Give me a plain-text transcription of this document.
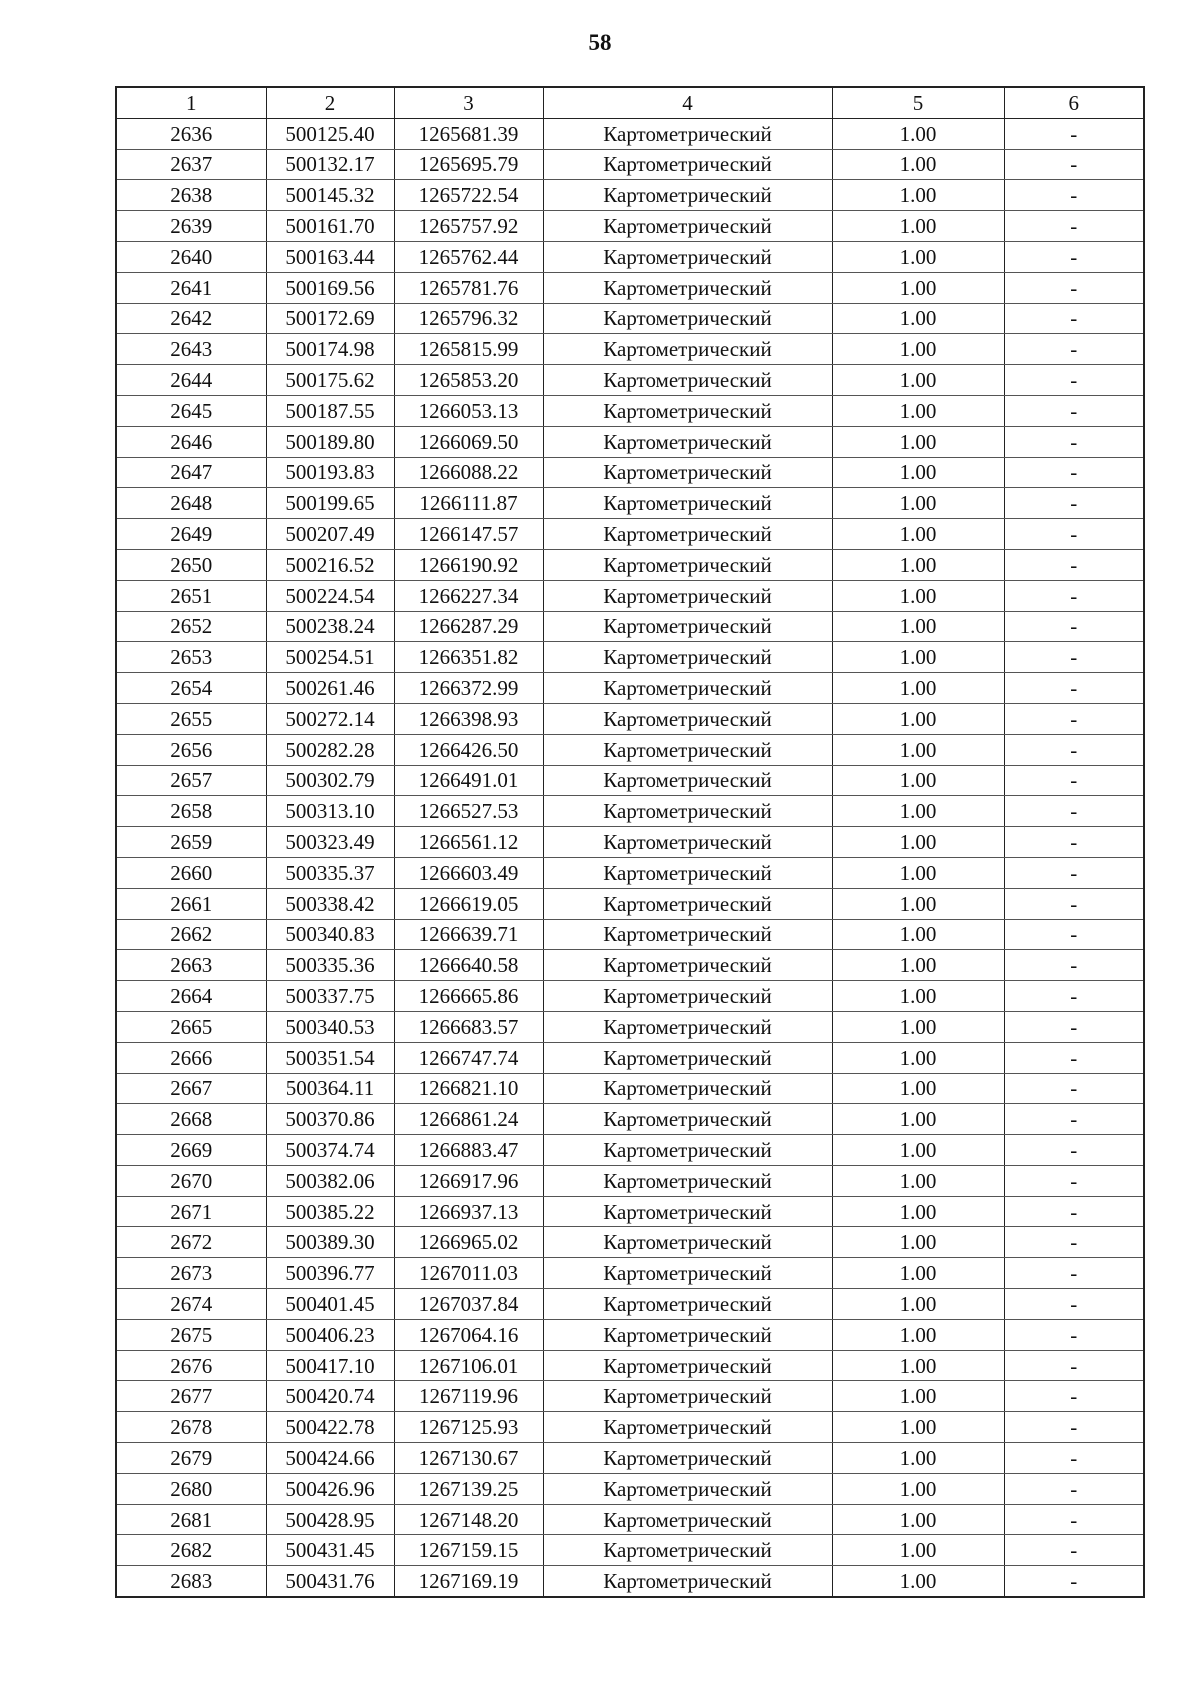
58
1	2	3	4	5	6
2636	500125.40	1265681.39	Картометрический	1.00	-
2637	500132.17	1265695.79	Картометрический	1.00	-
2638	500145.32	1265722.54	Картометрический	1.00	-
2639	500161.70	1265757.92	Картометрический	1.00	-
2640	500163.44	1265762.44	Картометрический	1.00	-
2641	500169.56	1265781.76	Картометрический	1.00	-
2642	500172.69	1265796.32	Картометрический	1.00	-
2643	500174.98	1265815.99	Картометрический	1.00	-
2644	500175.62	1265853.20	Картометрический	1.00	-
2645	500187.55	1266053.13	Картометрический	1.00	-
2646	500189.80	1266069.50	Картометрический	1.00	-
2647	500193.83	1266088.22	Картометрический	1.00	-
2648	500199.65	1266111.87	Картометрический	1.00	-
2649	500207.49	1266147.57	Картометрический	1.00	-
2650	500216.52	1266190.92	Картометрический	1.00	-
2651	500224.54	1266227.34	Картометрический	1.00	-
2652	500238.24	1266287.29	Картометрический	1.00	-
2653	500254.51	1266351.82	Картометрический	1.00	-
2654	500261.46	1266372.99	Картометрический	1.00	-
2655	500272.14	1266398.93	Картометрический	1.00	-
2656	500282.28	1266426.50	Картометрический	1.00	-
2657	500302.79	1266491.01	Картометрический	1.00	-
2658	500313.10	1266527.53	Картометрический	1.00	-
2659	500323.49	1266561.12	Картометрический	1.00	-
2660	500335.37	1266603.49	Картометрический	1.00	-
2661	500338.42	1266619.05	Картометрический	1.00	-
2662	500340.83	1266639.71	Картометрический	1.00	-
2663	500335.36	1266640.58	Картометрический	1.00	-
2664	500337.75	1266665.86	Картометрический	1.00	-
2665	500340.53	1266683.57	Картометрический	1.00	-
2666	500351.54	1266747.74	Картометрический	1.00	-
2667	500364.11	1266821.10	Картометрический	1.00	-
2668	500370.86	1266861.24	Картометрический	1.00	-
2669	500374.74	1266883.47	Картометрический	1.00	-
2670	500382.06	1266917.96	Картометрический	1.00	-
2671	500385.22	1266937.13	Картометрический	1.00	-
2672	500389.30	1266965.02	Картометрический	1.00	-
2673	500396.77	1267011.03	Картометрический	1.00	-
2674	500401.45	1267037.84	Картометрический	1.00	-
2675	500406.23	1267064.16	Картометрический	1.00	-
2676	500417.10	1267106.01	Картометрический	1.00	-
2677	500420.74	1267119.96	Картометрический	1.00	-
2678	500422.78	1267125.93	Картометрический	1.00	-
2679	500424.66	1267130.67	Картометрический	1.00	-
2680	500426.96	1267139.25	Картометрический	1.00	-
2681	500428.95	1267148.20	Картометрический	1.00	-
2682	500431.45	1267159.15	Картометрический	1.00	-
2683	500431.76	1267169.19	Картометрический	1.00	-
